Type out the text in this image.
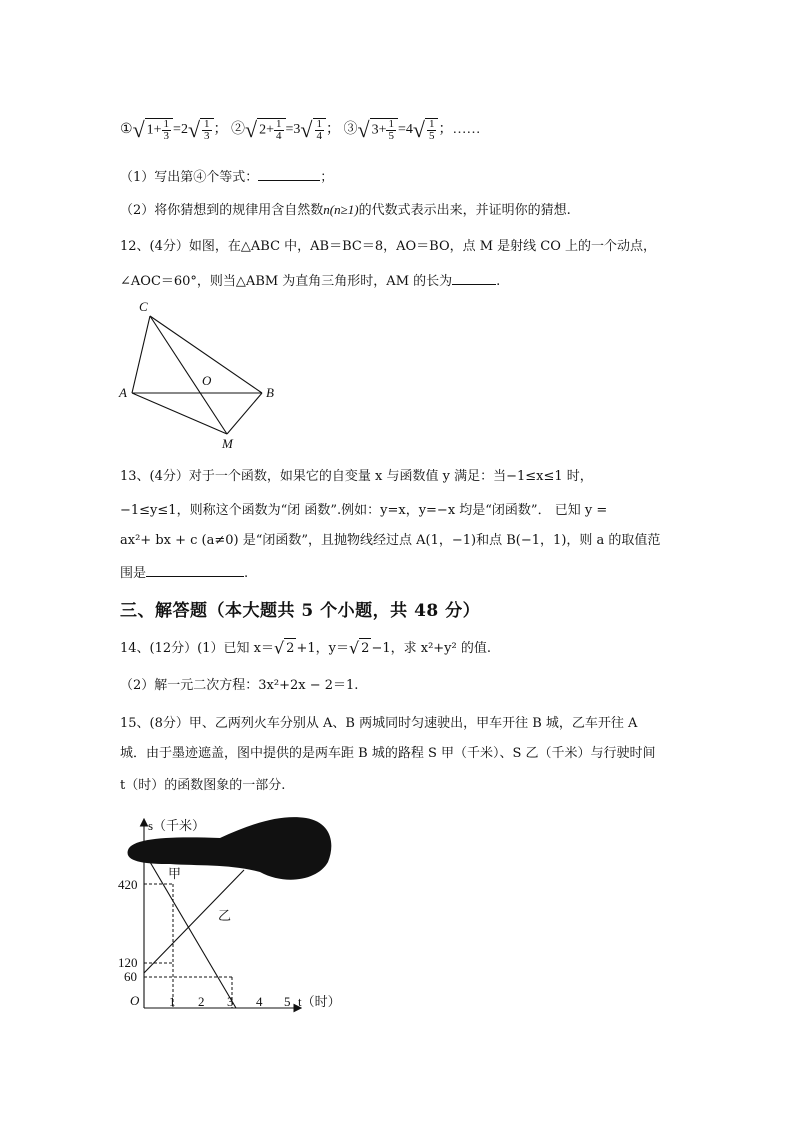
①√ $1+ \frac{1}{3} =2√ \frac{1}{3}$ ； ②√ $2+ \frac{1}{4} =3√ \frac{1}{4}$ ； ③√ $3+ \frac{1}{5} =4√ \frac{1}{5}$ ；……
（1）写出第④个等式：	；
（2）将你猜想到的规律用含自然数n(n≥1)的代数式表示出来，并证明你的猜想.
12、(4分）如图，在△ABC 中，AB＝BC＝8，AO＝BO，点 M 是射线 CO 上的一个动点，
∠AOC＝60°，则当△ABM 为直角三角形时，AM 的长为	.
C
A
O
B
M
13、(4分）对于一个函数，如果它的自变量 x 与函数值 y 满足：当−1≤x≤1 时，
−1≤y≤1，则称这个函数为“闭 函数”.例如：y=x，y=−x 均是“闭函数”． 已知 y =
ax²+ bx + c (a≠0) 是“闭函数”，且抛物线经过点 A(1，−1)和点 B(−1，1)，则 a 的取值范
围是	.
三、解答题（本大题共 5 个小题，共 48 分）
14、(12分）(1）已知 x＝√ 2 +1，y＝√ 2 −1，求 x²+y² 的值.
（2）解一元二次方程：3x²+2x − 2＝1.
15、(8分）甲、乙两列火车分别从 A、B 两城同时匀速驶出，甲车开往 B 城，乙车开往 A
城．由于墨迹遮盖，图中提供的是两车距 B 城的路程 S 甲（千米）、S 乙（千米）与行驶时间
t（时）的函数图象的一部分.
s（千米）
甲
乙
420
120
60
O 1 2 3 4 5 t（时）
